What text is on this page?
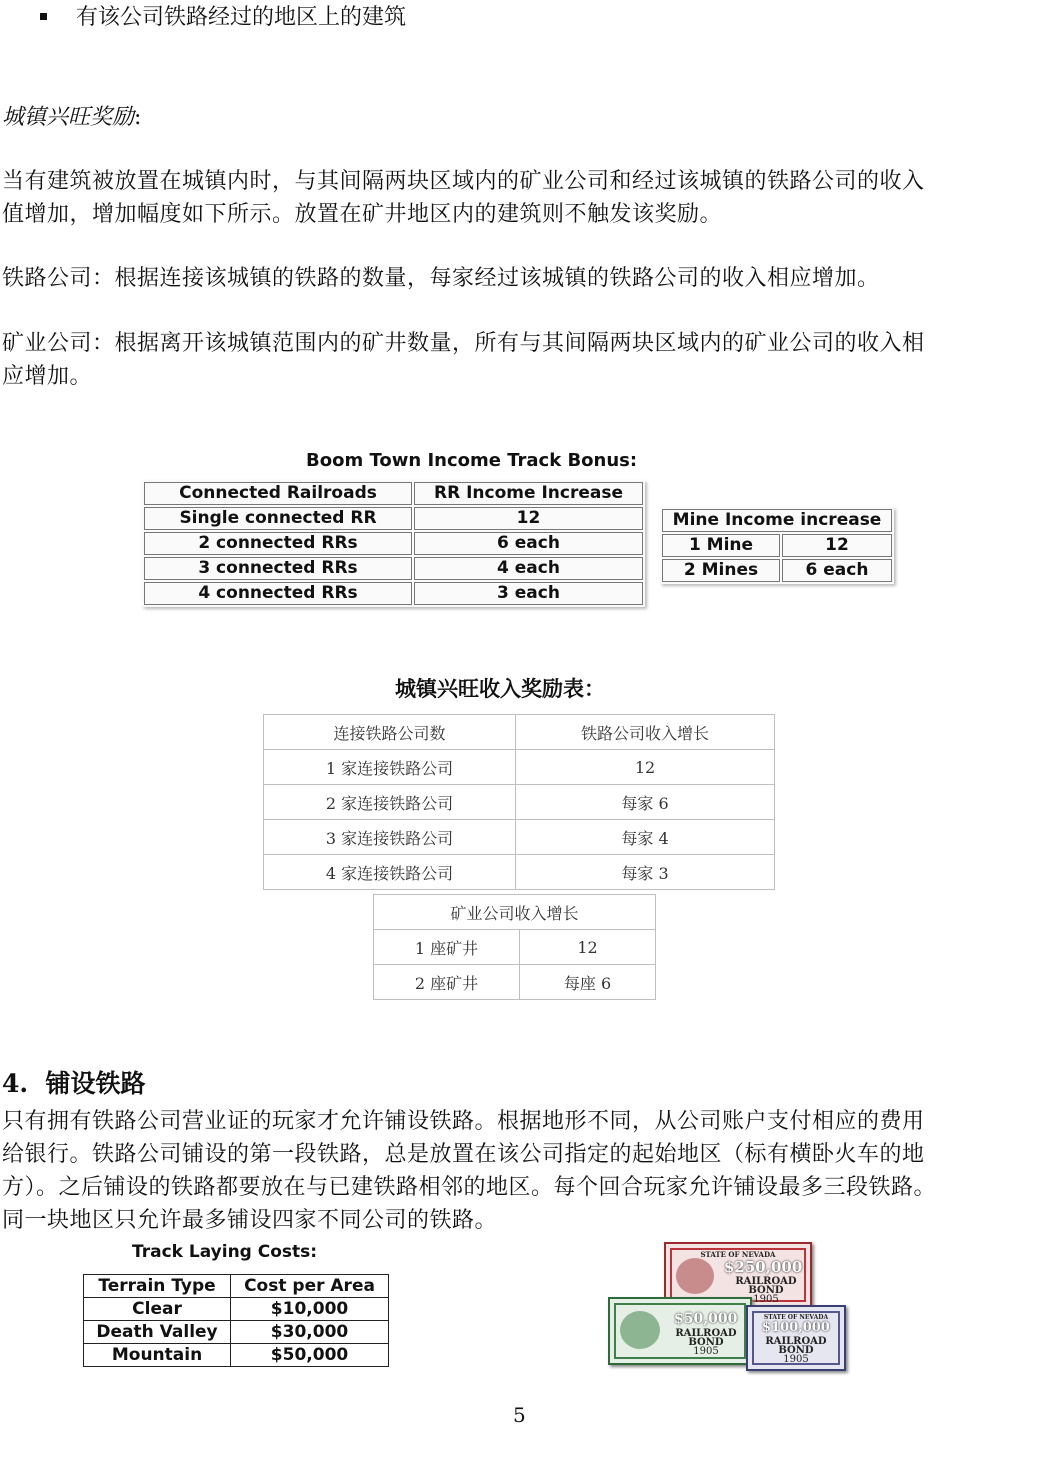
有该公司铁路经过的地区上的建筑
城镇兴旺奖励:
当有建筑被放置在城镇内时，与其间隔两块区域内的矿业公司和经过该城镇的铁路公司的收入
值增加，增加幅度如下所示。放置在矿井地区内的建筑则不触发该奖励。
铁路公司：根据连接该城镇的铁路的数量，每家经过该城镇的铁路公司的收入相应增加。
矿业公司：根据离开该城镇范围内的矿井数量，所有与其间隔两块区域内的矿业公司的收入相
应增加。
Boom Town Income Track Bonus:
Connected Railroads	RR Income Increase
Single connected RR	12
2 connected RRs	6 each
3 connected RRs	4 each
4 connected RRs	3 each
Mine Income increase	
1 Mine	12
2 Mines	6 each
城镇兴旺收入奖励表：
连接铁路公司数	铁路公司收入增长
1 家连接铁路公司	12
2 家连接铁路公司	每家 6
3 家连接铁路公司	每家 4
4 家连接铁路公司	每家 3
矿业公司收入增长	
1 座矿井	12
2 座矿井	每座 6
4. 铺设铁路
只有拥有铁路公司营业证的玩家才允许铺设铁路。根据地形不同，从公司账户支付相应的费用
给银行。铁路公司铺设的第一段铁路，总是放置在该公司指定的起始地区（标有横卧火车的地
方）。之后铺设的铁路都要放在与已建铁路相邻的地区。每个回合玩家允许铺设最多三段铁路。
同一块地区只允许最多铺设四家不同公司的铁路。
Track Laying Costs:
Terrain Type	Cost per Area
Clear	$10,000
Death Valley	$30,000
Mountain	$50,000
STATE OF NEVADA
$250,000
RAILROAD
BOND
1905
$50,000
RAILROAD
BOND
1905
STATE OF NEVADA
$100,000
RAILROAD
BOND
1905
5
